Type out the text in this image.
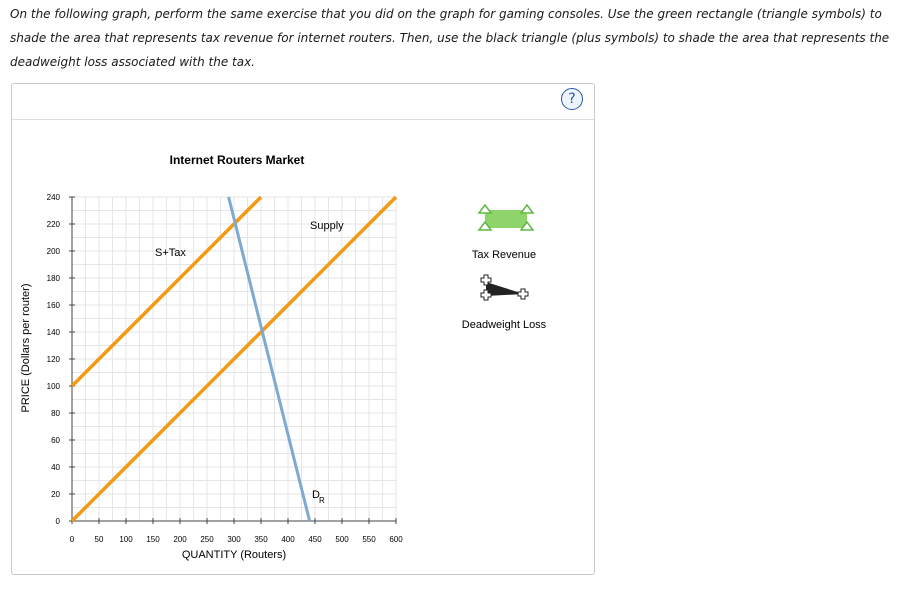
On the following graph, perform the same exercise that you did on the graph for gaming consoles. Use the green rectangle (triangle symbols) to shade the area that represents tax revenue for internet routers. Then, use the black triangle (plus symbols) to shade the area that represents the deadweight loss associated with the tax.
?
0	50 100 150 200 250 300 350 400 450 500 550 600
0
20
40
60
80
100
120
140
160
180
200
220
240
Internet Routers Market
QUANTITY (Routers)
PRICE (Dollars per router)
Supply
S+Tax
DR
Tax Revenue
Deadweight Loss
